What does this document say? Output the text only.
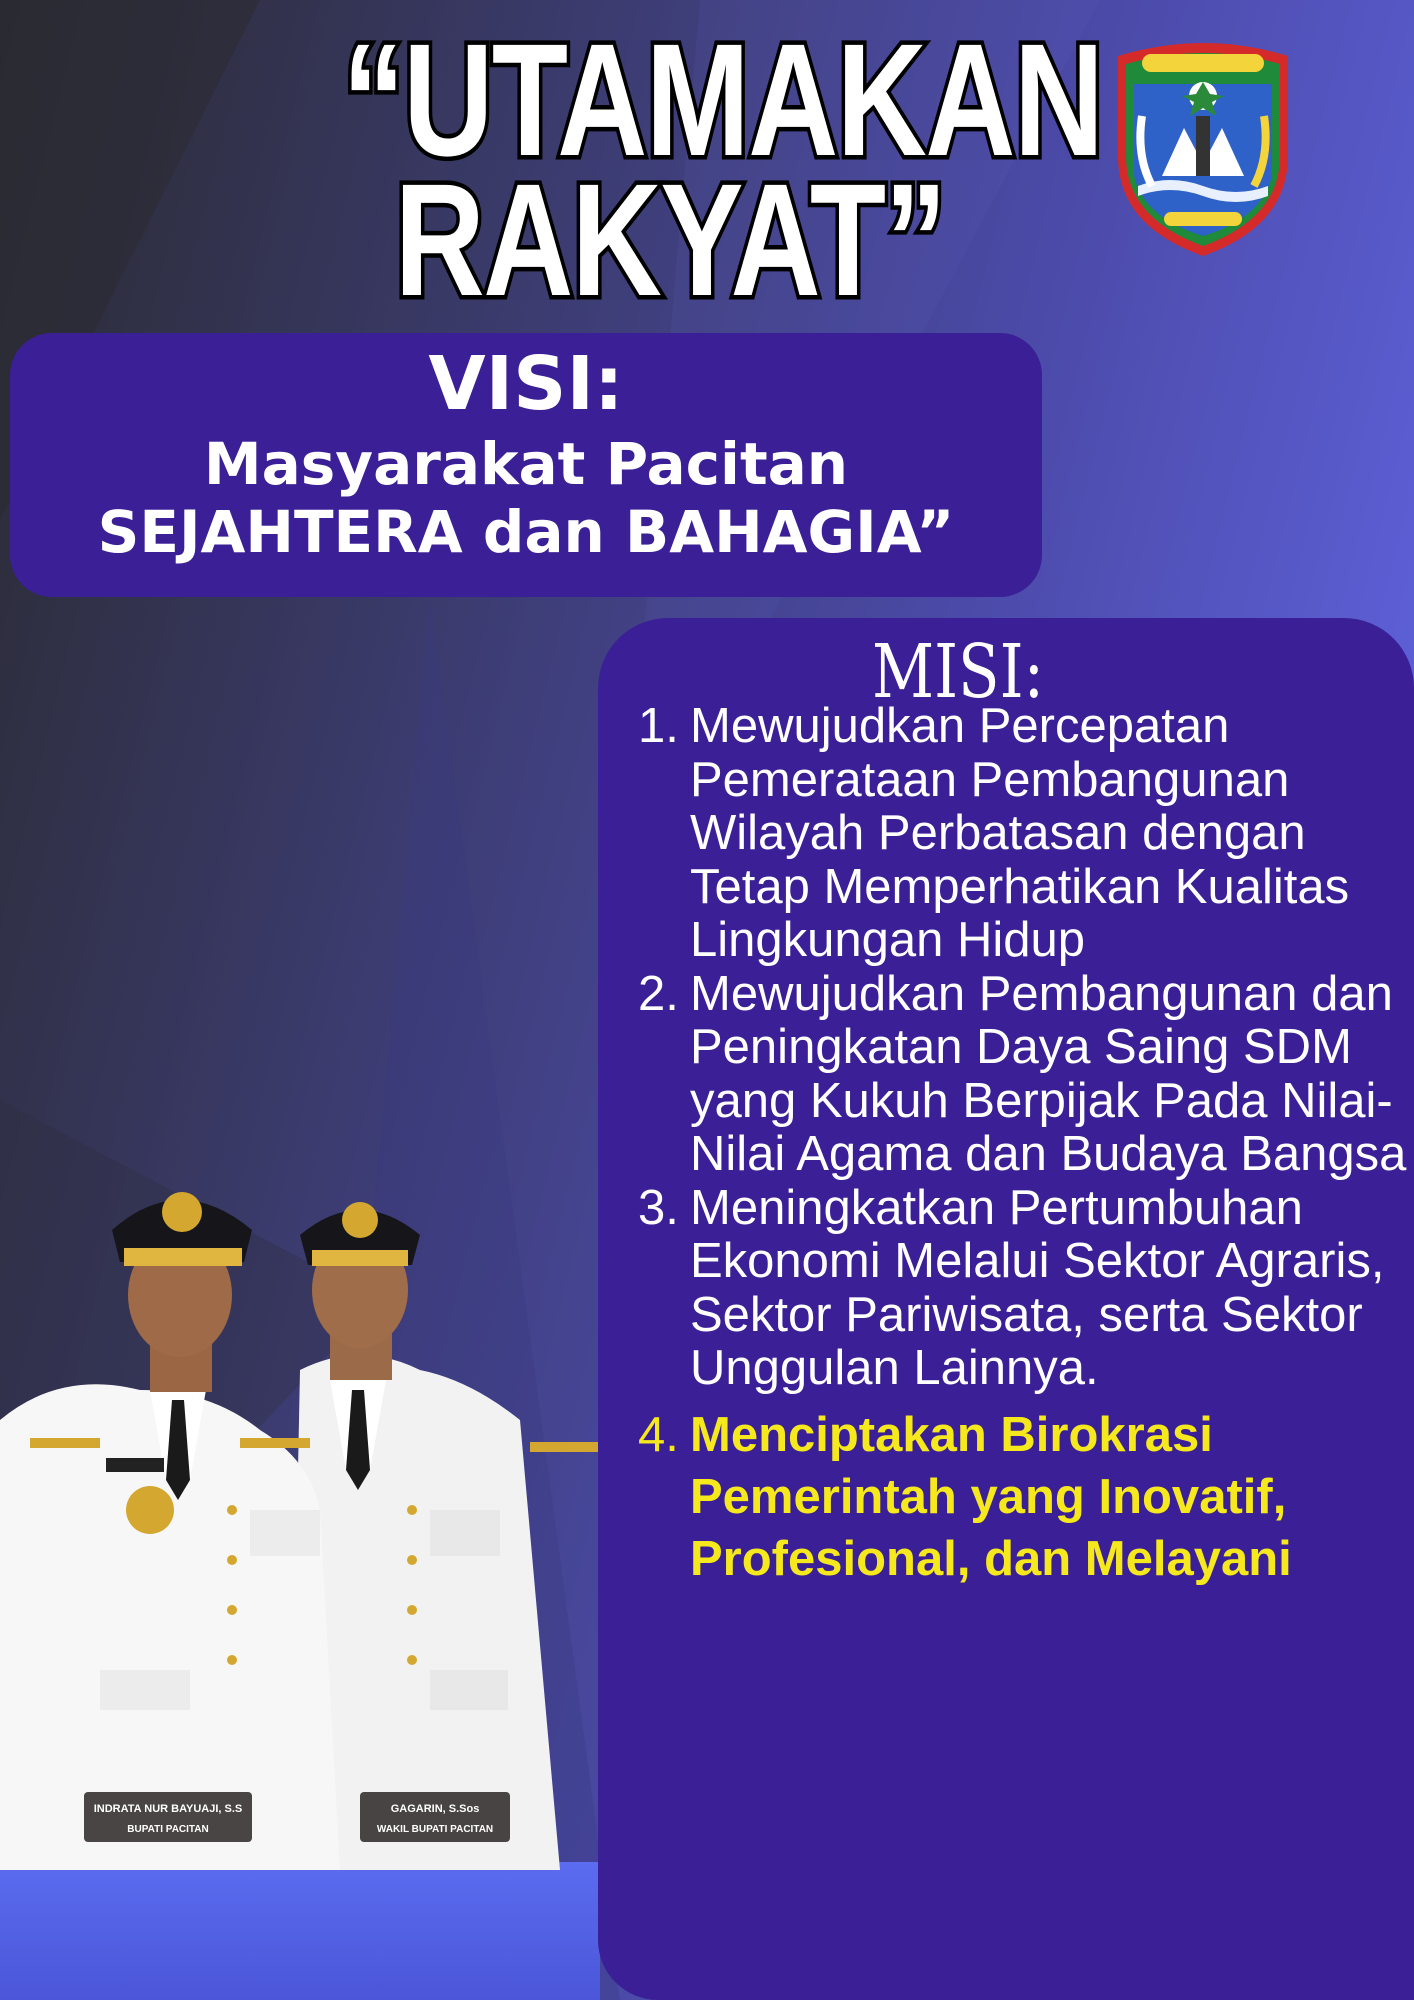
“UTAMAKAN
RAKYAT”
VISI:
Masyarakat Pacitan
SEJAHTERA dan BAHAGIA”
INDRATA NUR BAYUAJI, S.S
BUPATI PACITAN
GAGARIN, S.Sos
WAKIL BUPATI PACITAN
MISI:
1. Mewujudkan Percepatan Pemerataan Pembangunan Wilayah Perbatasan dengan Tetap Memperhatikan Kualitas Lingkungan Hidup
2. Mewujudkan Pembangunan dan Peningkatan Daya Saing SDM yang Kukuh Berpijak Pada Nilai-Nilai Agama dan Budaya Bangsa
3. Meningkatkan Pertumbuhan Ekonomi Melalui Sektor Agraris, Sektor Pariwisata, serta Sektor Unggulan Lainnya.
4. Menciptakan Birokrasi Pemerintah yang Inovatif, Profesional, dan Melayani
